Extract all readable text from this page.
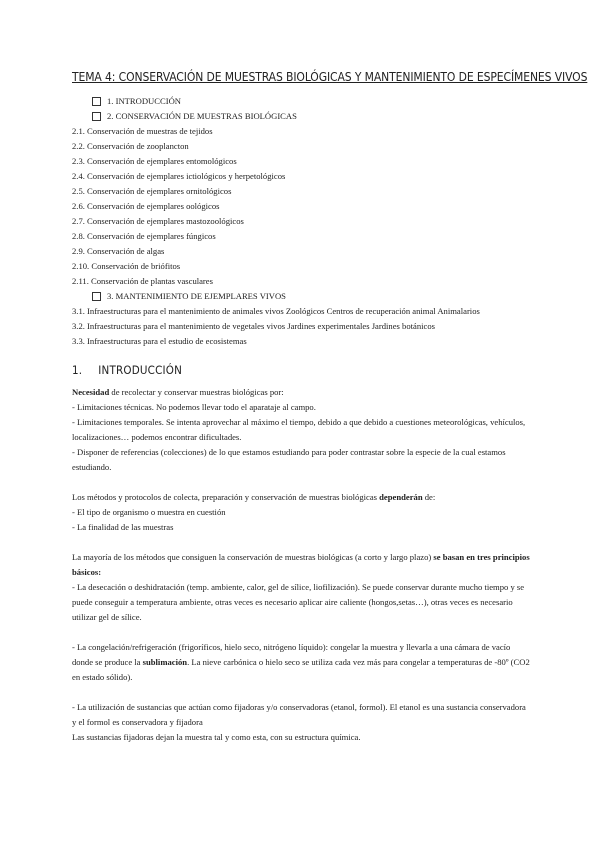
TEMA 4: CONSERVACIÓN DE MUESTRAS BIOLÓGICAS Y MANTENIMIENTO DE ESPECÍMENES VIVOS
1. INTRODUCCIÓN
2. CONSERVACIÓN DE MUESTRAS BIOLÓGICAS
2.1. Conservación de muestras de tejidos
2.2. Conservación de zooplancton
2.3. Conservación de ejemplares entomológicos
2.4. Conservación de ejemplares ictiológicos y herpetológicos
2.5. Conservación de ejemplares ornitológicos
2.6. Conservación de ejemplares oológicos
2.7. Conservación de ejemplares mastozoológicos
2.8. Conservación de ejemplares fúngicos
2.9. Conservación de algas
2.10. Conservación de briófitos
2.11. Conservación de plantas vasculares
3. MANTENIMIENTO DE EJEMPLARES VIVOS
3.1. Infraestructuras para el mantenimiento de animales vivos Zoológicos Centros de recuperación animal Animalarios
3.2. Infraestructuras para el mantenimiento de vegetales vivos Jardines experimentales Jardines botánicos
3.3. Infraestructuras para el estudio de ecosistemas
1. INTRODUCCIÓN

Necesidad de recolectar y conservar muestras biológicas por:

- Limitaciones técnicas. No podemos llevar todo el aparataje al campo.

- Limitaciones temporales. Se intenta aprovechar al máximo el tiempo, debido a que debido a cuestiones meteorológicas, vehículos, localizaciones… podemos encontrar dificultades.

- Disponer de referencias (colecciones) de lo que estamos estudiando para poder contrastar sobre la especie de la cual estamos estudiando.

Los métodos y protocolos de colecta, preparación y conservación de muestras biológicas dependerán de:

- El tipo de organismo o muestra en cuestión

- La finalidad de las muestras

La mayoría de los métodos que consiguen la conservación de muestras biológicas (a corto y largo plazo) se basan en tres principios básicos:

- La desecación o deshidratación (temp. ambiente, calor, gel de sílice, liofilización). Se puede conservar durante mucho tiempo y se puede conseguir a temperatura ambiente, otras veces es necesario aplicar aire caliente (hongos,setas…), otras veces es necesario utilizar gel de sílice.

- La congelación/refrigeración (frigoríficos, hielo seco, nitrógeno líquido): congelar la muestra y llevarla a una cámara de vacío donde se produce la sublimación. La nieve carbónica o hielo seco se utiliza cada vez más para congelar a temperaturas de -80º (CO2 en estado sólido).

- La utilización de sustancias que actúan como fijadoras y/o conservadoras (etanol, formol). El etanol es una sustancia conservadora y el formol es conservadora y fijadora

Las sustancias fijadoras dejan la muestra tal y como esta, con su estructura química.
